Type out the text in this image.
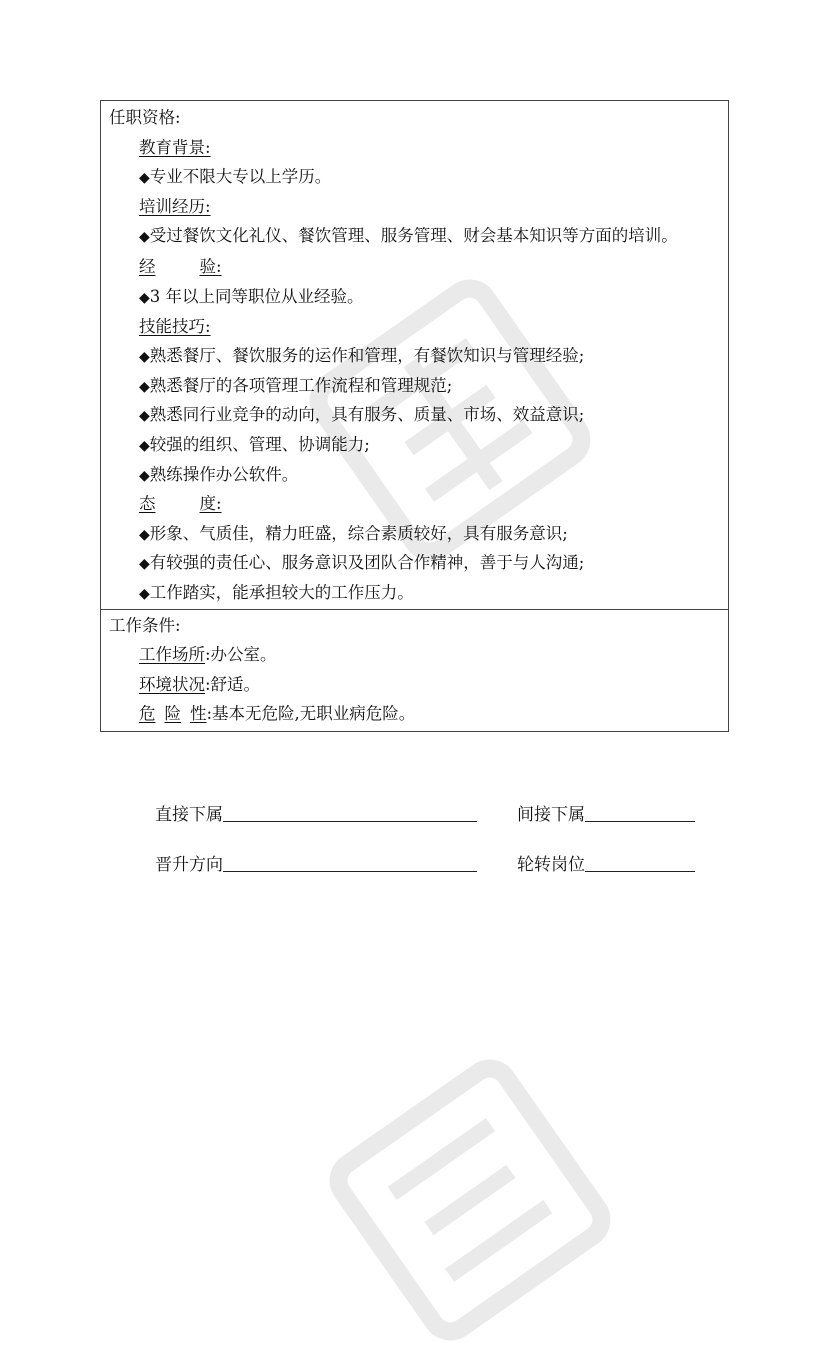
任职资格:
教育背景:
◆专业不限大专以上学历。
培训经历:
◆受过餐饮文化礼仪、餐饮管理、服务管理、财会基本知识等方面的培训。
经	验:
◆3 年以上同等职位从业经验。
技能技巧:
◆熟悉餐厅、餐饮服务的运作和管理，有餐饮知识与管理经验;
◆熟悉餐厅的各项管理工作流程和管理规范;
◆熟悉同行业竞争的动向，具有服务、质量、市场、效益意识;
◆较强的组织、管理、协调能力;
◆熟练操作办公软件。
态	度:
◆形象、气质佳，精力旺盛，综合素质较好，具有服务意识;
◆有较强的责任心、服务意识及团队合作精神，善于与人沟通;
◆工作踏实，能承担较大的工作压力。
工作条件:
工作场所:办公室。
环境状况:舒适。
危 险 性:基本无危险,无职业病危险。
直接下属	间接下属
晋升方向	轮转岗位
